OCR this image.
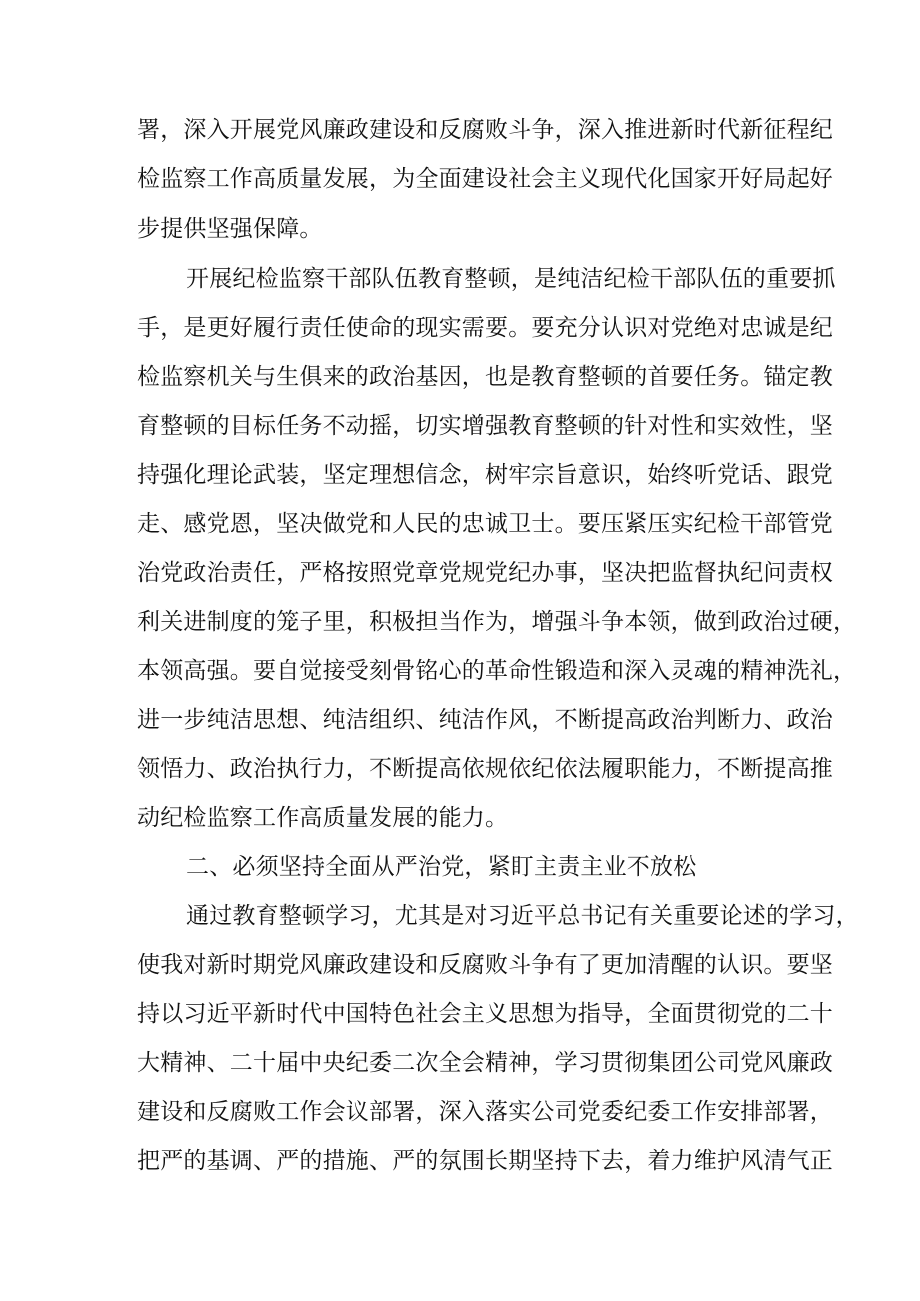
署，深入开展党风廉政建设和反腐败斗争，深入推进新时代新征程纪
检监察工作高质量发展，为全面建设社会主义现代化国家开好局起好
步提供坚强保障。
开展纪检监察干部队伍教育整顿，是纯洁纪检干部队伍的重要抓
手，是更好履行责任使命的现实需要。要充分认识对党绝对忠诚是纪
检监察机关与生俱来的政治基因，也是教育整顿的首要任务。锚定教
育整顿的目标任务不动摇，切实增强教育整顿的针对性和实效性，坚
持强化理论武装，坚定理想信念，树牢宗旨意识，始终听党话、跟党
走、感党恩，坚决做党和人民的忠诚卫士。要压紧压实纪检干部管党
治党政治责任，严格按照党章党规党纪办事，坚决把监督执纪问责权
利关进制度的笼子里，积极担当作为，增强斗争本领，做到政治过硬，
本领高强。要自觉接受刻骨铭心的革命性锻造和深入灵魂的精神洗礼，
进一步纯洁思想、纯洁组织、纯洁作风，不断提高政治判断力、政治
领悟力、政治执行力，不断提高依规依纪依法履职能力，不断提高推
动纪检监察工作高质量发展的能力。
二、必须坚持全面从严治党，紧盯主责主业不放松
通过教育整顿学习，尤其是对习近平总书记有关重要论述的学习，
使我对新时期党风廉政建设和反腐败斗争有了更加清醒的认识。要坚
持以习近平新时代中国特色社会主义思想为指导，全面贯彻党的二十
大精神、二十届中央纪委二次全会精神，学习贯彻集团公司党风廉政
建设和反腐败工作会议部署，深入落实公司党委纪委工作安排部署，
把严的基调、严的措施、严的氛围长期坚持下去，着力维护风清气正
